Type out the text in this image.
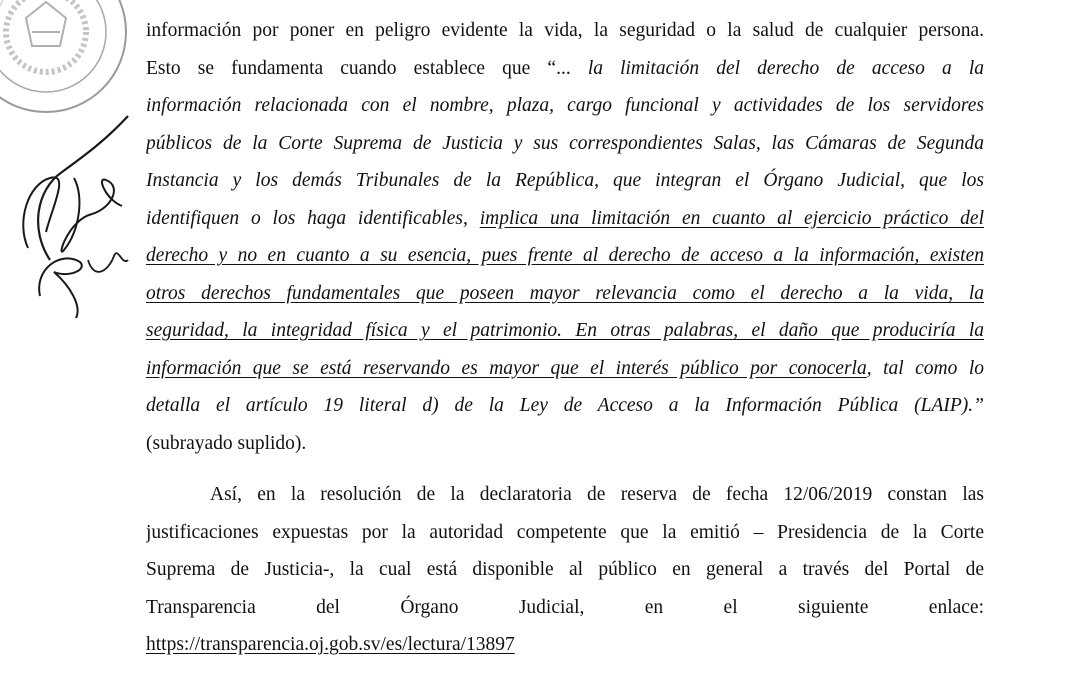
información por poner en peligro evidente la vida, la seguridad o la salud de cualquier persona.
Esto se fundamenta cuando establece que “... la limitación del derecho de acceso a la
información relacionada con el nombre, plaza, cargo funcional y actividades de los servidores
públicos de la Corte Suprema de Justicia y sus correspondientes Salas, las Cámaras de Segunda
Instancia y los demás Tribunales de la República, que integran el Órgano Judicial, que los
identifiquen o los haga identificables, implica una limitación en cuanto al ejercicio práctico del
derecho y no en cuanto a su esencia, pues frente al derecho de acceso a la información, existen
otros derechos fundamentales que poseen mayor relevancia como el derecho a la vida, la
seguridad, la integridad física y el patrimonio. En otras palabras, el daño que produciría la
información que se está reservando es mayor que el interés público por conocerla, tal como lo
detalla el artículo 19 literal d) de la Ley de Acceso a la Información Pública (LAIP).”
(subrayado suplido).
Así, en la resolución de la declaratoria de reserva de fecha 12/06/2019 constan las
justificaciones expuestas por la autoridad competente que la emitió – Presidencia de la Corte
Suprema de Justicia-, la cual está disponible al público en general a través del Portal de
Transparencia del Órgano Judicial, en el siguiente enlace:
https://transparencia.oj.gob.sv/es/lectura/13897
